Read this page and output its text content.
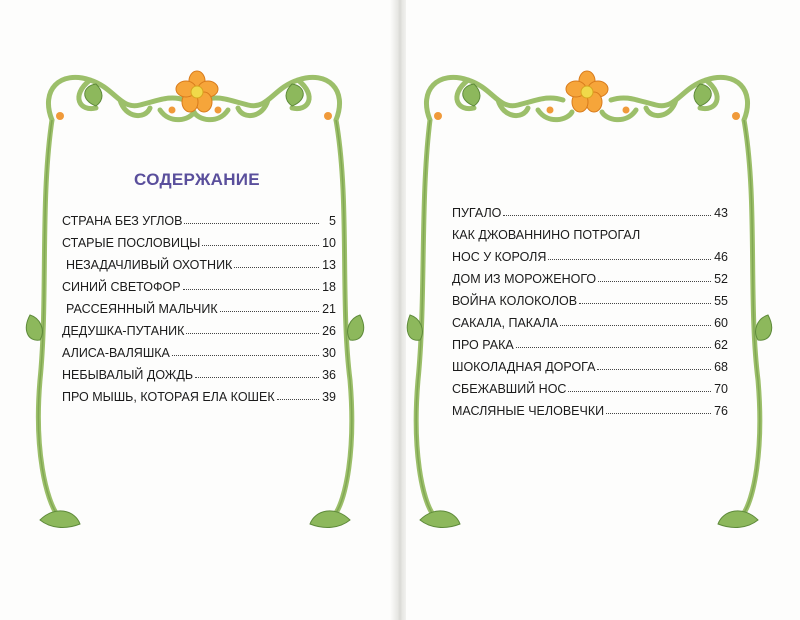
СОДЕРЖАНИЕ
СТРАНА БЕЗ УГЛОВ	5
СТАРЫЕ ПОСЛОВИЦЫ	10
НЕЗАДАЧЛИВЫЙ ОХОТНИК	13
СИНИЙ СВЕТОФОР	18
РАССЕЯННЫЙ МАЛЬЧИК	21
ДЕДУШКА-ПУТАНИК	26
АЛИСА-ВАЛЯШКА	30
НЕБЫВАЛЫЙ ДОЖДЬ	36
ПРО МЫШЬ, КОТОРАЯ ЕЛА КОШЕК	39
ПУГАЛО	43
КАК ДЖОВАННИНО ПОТРОГАЛ
НОС У КОРОЛЯ	46
ДОМ ИЗ МОРОЖЕНОГО	52
ВОЙНА КОЛОКОЛОВ	55
САКАЛА, ПАКАЛА	60
ПРО РАКА	62
ШОКОЛАДНАЯ ДОРОГА	68
СБЕЖАВШИЙ НОС	70
МАСЛЯНЫЕ ЧЕЛОВЕЧКИ	76
